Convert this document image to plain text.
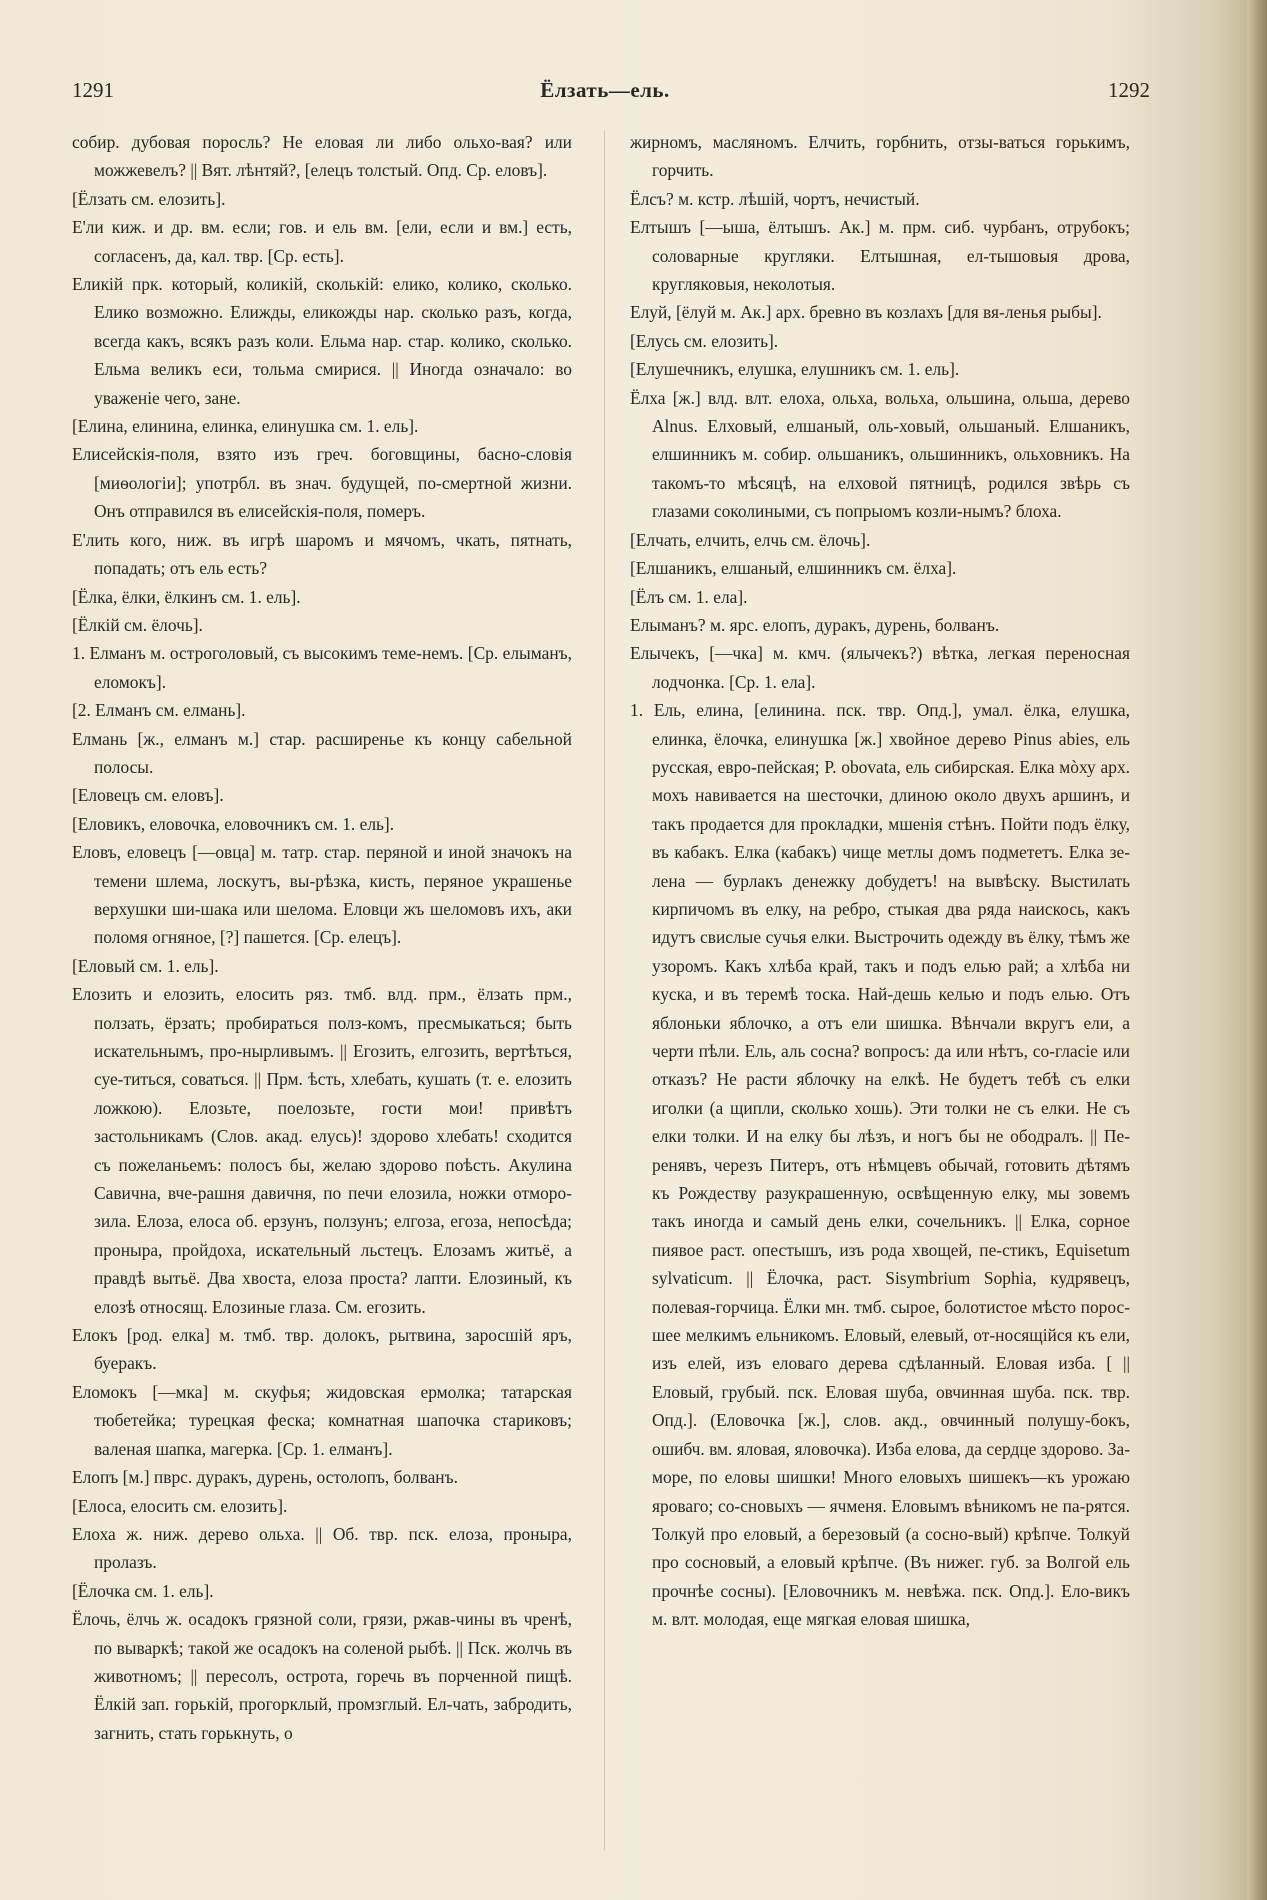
1291	Ёлзать—ель.	1292

собир. дубовая поросль? Не еловая ли либо ольхо-вая? или можжевелъ? || Вят. лѣнтяй?, [елецъ толстый. Опд. Ср. еловъ].

[Ёлзать см. елозить].

Е'ли киж. и др. вм. если; гов. и ель вм. [ели, если и вм.] есть, согласенъ, да, кал. твр. [Ср. есть].

Еликій прк. который, коликій, сколькій: елико, колико, сколько. Елико возможно. Елижды, еликожды нар. сколько разъ, когда, всегда какъ, всякъ разъ коли. Ельма нар. стар. колико, сколько. Ельма великъ еси, тольма смирися. || Иногда означало: во уваженіе чего, зане.

[Елина, елинина, елинка, елинушка см. 1. ель].

Елисейскія-поля, взято изъ греч. боговщины, басно-словія [миѳологіи]; употрбл. въ знач. будущей, по-смертной жизни. Онъ отправился въ елисейскія-поля, померъ.

Е'лить кого, ниж. въ игрѣ шаромъ и мячомъ, чкать, пятнать, попадать; отъ ель есть?

[Ёлка, ёлки, ёлкинъ см. 1. ель].

[Ёлкій см. ёлочь].

1. Елманъ м. остроголовый, съ высокимъ теме-немъ. [Ср. елыманъ, еломокъ].

[2. Елманъ см. елмань].

Елмань [ж., елманъ м.] стар. расширенье къ концу сабельной полосы.

[Еловецъ см. еловъ].

[Еловикъ, еловочка, еловочникъ см. 1. ель].

Еловъ, еловецъ [—овца] м. татр. стар. перяной и иной значокъ на темени шлема, лоскутъ, вы-рѣзка, кисть, перяное украшенье верхушки ши-шака или шелома. Еловци жъ шеломовъ ихъ, аки поломя огняное, [?] пашется. [Ср. елецъ].

[Еловый см. 1. ель].

Елозить и елозить, елосить ряз. тмб. влд. прм., ёлзать прм., ползать, ёрзать; пробираться полз-комъ, пресмыкаться; быть искательнымъ, про-нырливымъ. || Егозить, елгозить, вертѣться, суе-титься, соваться. || Прм. ѣсть, хлебать, кушать (т. е. елозить ложкою). Елозьте, поелозьте, гости мои! привѣтъ застольникамъ (Слов. акад. елусь)! здорово хлебать! сходится съ пожеланьемъ: полосъ бы, желаю здорово поѣсть. Акулина Савична, вче-рашня давичня, по печи елозила, ножки отморо-зила. Елоза, елоса об. ерзунъ, ползунъ; елгоза, егоза, непосѣда; проныра, пройдоха, искательный льстецъ. Елозамъ житьё, а правдѣ вытьё. Два хвоста, елоза проста? лапти. Елозиный, къ елозѣ относящ. Елозиные глаза. См. егозить.

Елокъ [род. елка] м. тмб. твр. долокъ, рытвина, заросшій яръ, буеракъ.

Еломокъ [—мка] м. скуфья; жидовская ермолка; татарская тюбетейка; турецкая феска; комнатная шапочка стариковъ; валеная шапка, магерка. [Ср. 1. елманъ].

Елопъ [м.] пврс. дуракъ, дурень, остолопъ, болванъ.

[Елоса, елосить см. елозить].

Елоха ж. ниж. дерево ольха. || Об. твр. пск. елоза, проныра, пролазъ.

[Ёлочка см. 1. ель].

Ёлочь, ёлчь ж. осадокъ грязной соли, грязи, ржав-чины въ чренѣ, по вываркѣ; такой же осадокъ на соленой рыбѣ. || Пск. жолчь въ животномъ; || пересолъ, острота, горечь въ порченной пищѣ. Ёлкій зап. горькій, прогорклый, промзглый. Ел-чать, забродить, загнить, стать горькнуть, о

жирномъ, масляномъ. Елчить, горбнить, отзы-ваться горькимъ, горчить.

Ёлсъ? м. кстр. лѣшій, чортъ, нечистый.

Елтышъ [—ыша, ёлтышъ. Ак.] м. прм. сиб. чурбанъ, отрубокъ; соловарные кругляки. Елтышная, ел-тышовыя дрова, кругляковыя, неколотыя.

Елуй, [ёлуй м. Ак.] арх. бревно въ козлахъ [для вя-ленья рыбы].

[Елусь см. елозить].

[Елушечникъ, елушка, елушникъ см. 1. ель].

Ёлха [ж.] влд. влт. елоха, ольха, вольха, ольшина, ольша, дерево Alnus. Елховый, елшаный, оль-ховый, ольшаный. Елшаникъ, елшинникъ м. собир. ольшаникъ, ольшинникъ, ольховникъ. На такомъ-то мѣсяцѣ, на елховой пятницѣ, родился звѣрь съ глазами соколиными, съ попрыомъ козли-нымъ? блоха.

[Елчать, елчить, елчь см. ёлочь].

[Елшаникъ, елшаный, елшинникъ см. ёлха].

[Ёлъ см. 1. ела].

Елыманъ? м. ярс. елопъ, дуракъ, дурень, болванъ.

Елычекъ, [—чка] м. кмч. (ялычекъ?) вѣтка, легкая переносная лодчонка. [Ср. 1. ела].

1. Ель, елина, [елинина. пск. твр. Опд.], умал. ёлка, елушка, елинка, ёлочка, елинушка [ж.] хвойное дерево Pinus abies, ель русская, евро-пейская; P. obovata, ель сибирская. Елка мòху арх. мохъ навивается на шесточки, длиною около двухъ аршинъ, и такъ продается для прокладки, мшенія стѣнъ. Пойти подъ ёлку, въ кабакъ. Елка (кабакъ) чище метлы домъ подмететъ. Елка зе-лена — бурлакъ денежку добудетъ! на вывѣску. Выстилать кирпичомъ въ елку, на ребро, стыкая два ряда наискось, какъ идутъ свислые сучья елки. Выстрочить одежду въ ёлку, тѣмъ же узоромъ. Какъ хлѣба край, такъ и подъ елью рай; а хлѣба ни куска, и въ теремѣ тоска. Най-дешь келью и подъ елью. Отъ яблоньки яблочко, а отъ ели шишка. Вѣнчали вкругъ ели, а черти пѣли. Ель, аль сосна? вопросъ: да или нѣтъ, со-гласіе или отказъ? Не расти яблочку на елкѣ. Не будетъ тебѣ съ елки иголки (а щипли, сколько хошь). Эти толки не съ елки. Не съ елки толки. И на елку бы лѣзъ, и ногъ бы не ободралъ. || Пе-ренявъ, черезъ Питеръ, отъ нѣмцевъ обычай, готовить дѣтямъ къ Рождеству разукрашенную, освѣщенную елку, мы зовемъ такъ иногда и самый день елки, сочельникъ. || Елка, сорное пиявое раст. опестышъ, изъ рода хвощей, пе-стикъ, Equisetum sylvaticum. || Ёлочка, раст. Sisymbrium Sophia, кудрявецъ, полевая-горчица. Ёлки мн. тмб. сырое, болотистое мѣсто порос-шее мелкимъ ельникомъ. Еловый, елевый, от-носящійся къ ели, изъ елей, изъ еловаго дерева сдѣланный. Еловая изба. [ || Еловый, грубый. пск. Еловая шуба, овчинная шуба. пск. твр. Опд.]. (Еловочка [ж.], слов. акд., овчинный полушу-бокъ, ошибч. вм. яловая, яловочка). Изба елова, да сердце здорово. За-море, по еловы шишки! Много еловыхъ шишекъ—къ урожаю яроваго; со-сновыхъ — ячменя. Еловымъ вѣникомъ не па-рятся. Толкуй про еловый, а березовый (а сосно-вый) крѣпче. Толкуй про сосновый, а еловый крѣпче. (Въ нижег. губ. за Волгой ель прочнѣе сосны). [Еловочникъ м. невѣжа. пск. Опд.]. Ело-викъ м. влт. молодая, еще мягкая еловая шишка,
